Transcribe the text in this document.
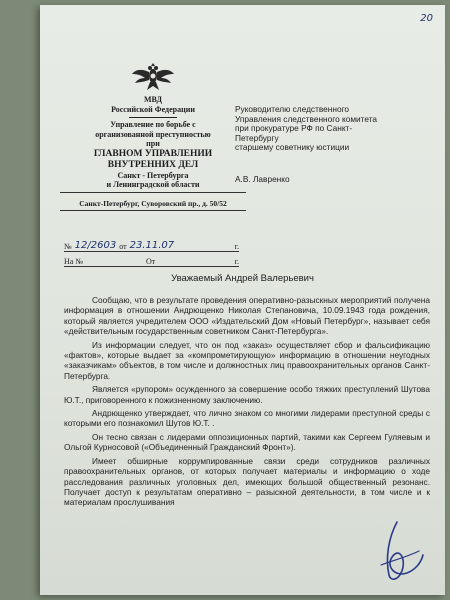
20
МВД
Российской Федерации
Управление по борьбе с
организованной преступностью
при
ГЛАВНОМ УПРАВЛЕНИИ
ВНУТРЕННИХ ДЕЛ
Санкт - Петербурга
и Ленинградской области
Санкт-Петербург, Суворовский пр., д. 50/52
№ 12/2603 от 23.11.07	г.
На №	От	г.
Руководителю следственного
Управления следственного комитета
при прокуратуре РФ по Санкт-
Петербургу
старшему советнику юстиции
А.В. Лавренко
Уважаемый Андрей Валерьевич

Сообщаю, что в результате проведения оперативно-разыскных мероприятий получена информация в отношении Андрющенко Николая Степановича, 10.09.1943 года рождения, который является учредителем ООО «Издательский Дом «Новый Петербург», называет себя «действительным государственным советником Санкт-Петербурга».

Из информации следует, что он под «заказ» осуществляет сбор и фальсификацию «фактов», которые выдает за «компрометирующую» информацию в отношении неугодных «заказчикам» объектов, в том числе и должностных лиц правоохранительных органов Санкт-Петербурга.

Является «рупором» осужденного за совершение особо тяжких преступлений Шутова Ю.Т., приговоренного к пожизненному заключению.

Андрющенко утверждает, что лично знаком со многими лидерами преступной среды с которыми его познакомил Шутов Ю.Т. .

Он тесно связан с лидерами оппозиционных партий, такими как Сергеем Гуляевым и Ольгой Курносовой («Объединенный Гражданский Фронт»).

Имеет обширные коррумпированные связи среди сотрудников различных правоохранительных органов, от которых получает материалы и информацию о ходе расследования различных уголовных дел, имеющих большой общественный резонанс. Получает доступ к результатам оперативно – разыскной деятельности, в том числе и к материалам прослушивания
